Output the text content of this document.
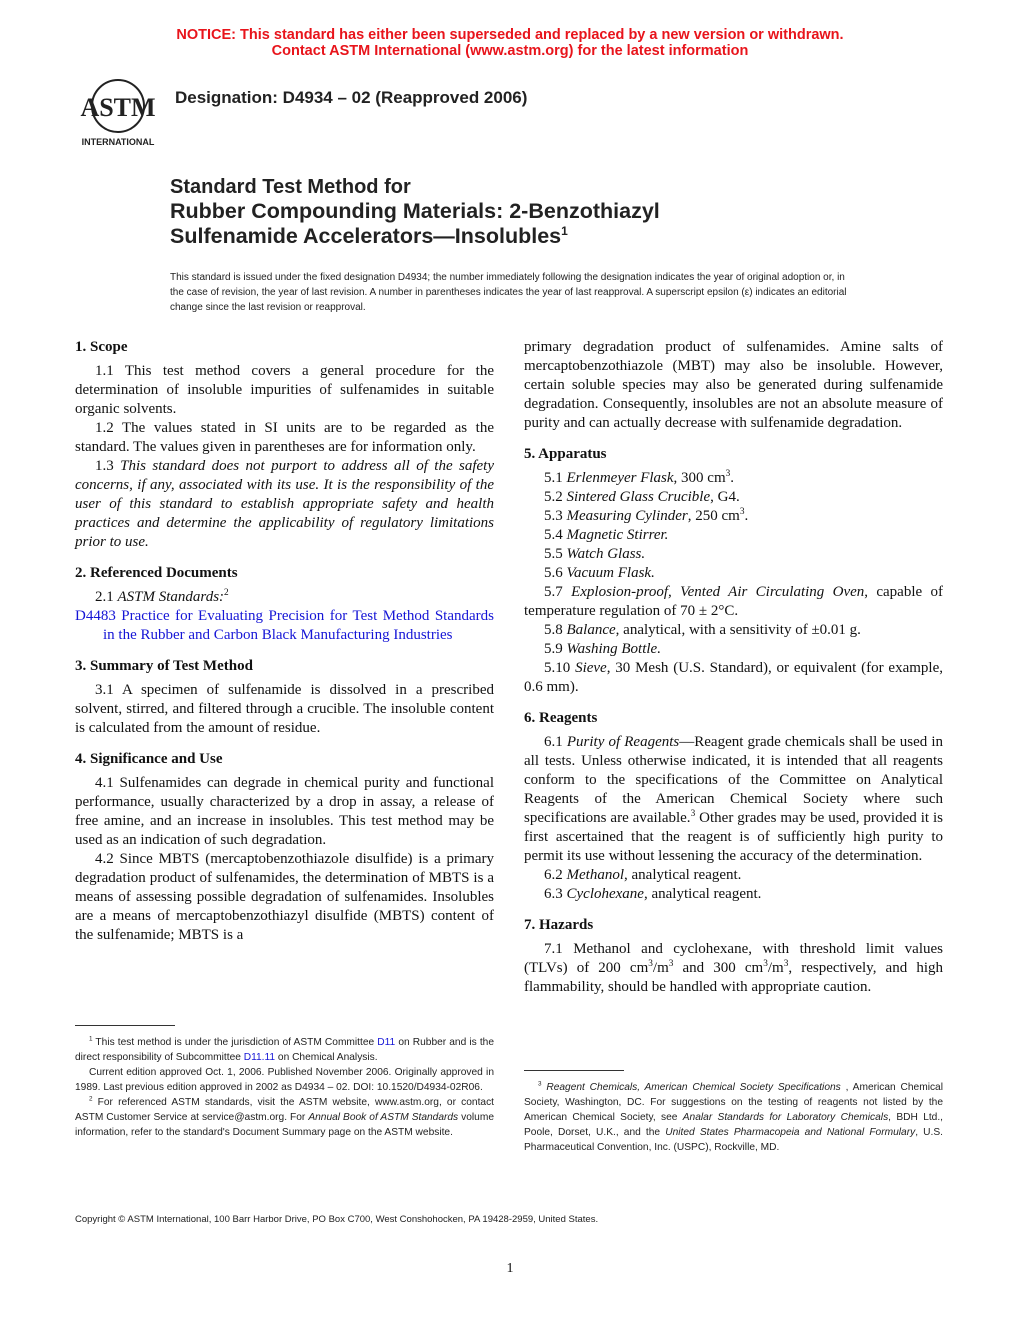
NOTICE: This standard has either been superseded and replaced by a new version or withdrawn.
Contact ASTM International (www.astm.org) for the latest information
ASTM
INTERNATIONAL
Designation: D4934 – 02 (Reapproved 2006)
Standard Test Method for
Rubber Compounding Materials: 2-Benzothiazyl
Sulfenamide Accelerators—Insolubles$^1$
This standard is issued under the fixed designation D4934; the number immediately following the designation indicates the year of original adoption or, in the case of revision, the year of last revision. A number in parentheses indicates the year of last reapproval. A superscript epsilon (ε) indicates an editorial change since the last revision or reapproval.
1. Scope

1.1 This test method covers a general procedure for the determination of insoluble impurities of sulfenamides in suitable organic solvents.

1.2 The values stated in SI units are to be regarded as the standard. The values given in parentheses are for information only.

1.3 This standard does not purport to address all of the safety concerns, if any, associated with its use. It is the responsibility of the user of this standard to establish appropriate safety and health practices and determine the applicability of regulatory limitations prior to use.

2. Referenced Documents

2.1 ASTM Standards:$^2$

D4483 Practice for Evaluating Precision for Test Method Standards in the Rubber and Carbon Black Manufacturing Industries

3. Summary of Test Method

3.1 A specimen of sulfenamide is dissolved in a prescribed solvent, stirred, and filtered through a crucible. The insoluble content is calculated from the amount of residue.

4. Significance and Use

4.1 Sulfenamides can degrade in chemical purity and functional performance, usually characterized by a drop in assay, a release of free amine, and an increase in insolubles. This test method may be used as an indication of such degradation.

4.2 Since MBTS (mercaptobenzothiazole disulfide) is a primary degradation product of sulfenamides, the determination of MBTS is a means of assessing possible degradation of sulfenamides. Insolubles are a means of mercaptobenzothiazyl disulfide (MBTS) content of the sulfenamide; MBTS is a

primary degradation product of sulfenamides. Amine salts of mercaptobenzothiazole (MBT) may also be insoluble. However, certain soluble species may also be generated during sulfenamide degradation. Consequently, insolubles are not an absolute measure of purity and can actually decrease with sulfenamide degradation.

5. Apparatus

5.1 Erlenmeyer Flask, 300 $cm^3$.

5.2 Sintered Glass Crucible, G4.

5.3 Measuring Cylinder, 250 $cm^3$.

5.4 Magnetic Stirrer.

5.5 Watch Glass.

5.6 Vacuum Flask.

5.7 Explosion-proof, Vented Air Circulating Oven, capable of temperature regulation of 70 ± 2°C.

5.8 Balance, analytical, with a sensitivity of ±0.01 g.

5.9 Washing Bottle.

5.10 Sieve, 30 Mesh (U.S. Standard), or equivalent (for example, 0.6 mm).

6. Reagents

6.1 Purity of Reagents—Reagent grade chemicals shall be used in all tests. Unless otherwise indicated, it is intended that all reagents conform to the specifications of the Committee on Analytical Reagents of the American Chemical Society where such specifications are available.$^3$ Other grades may be used, provided it is first ascertained that the reagent is of sufficiently high purity to permit its use without lessening the accuracy of the determination.

6.2 Methanol, analytical reagent.

6.3 Cyclohexane, analytical reagent.

7. Hazards

7.1 Methanol and cyclohexane, with threshold limit values (TLVs) of 200 $cm^3/m^3$ and 300 $cm^3/m^3$, respectively, and high flammability, should be handled with appropriate caution.

$^1$ This test method is under the jurisdiction of ASTM Committee D11 on Rubber and is the direct responsibility of Subcommittee D11.11 on Chemical Analysis.

Current edition approved Oct. 1, 2006. Published November 2006. Originally approved in 1989. Last previous edition approved in 2002 as D4934 – 02. DOI: 10.1520/D4934-02R06.

$^2$ For referenced ASTM standards, visit the ASTM website, www.astm.org, or contact ASTM Customer Service at service@astm.org. For Annual Book of ASTM Standards volume information, refer to the standard's Document Summary page on the ASTM website.

$^3$ Reagent Chemicals, American Chemical Society Specifications , American Chemical Society, Washington, DC. For suggestions on the testing of reagents not listed by the American Chemical Society, see Analar Standards for Laboratory Chemicals, BDH Ltd., Poole, Dorset, U.K., and the United States Pharmacopeia and National Formulary, U.S. Pharmaceutical Convention, Inc. (USPC), Rockville, MD.

Copyright © ASTM International, 100 Barr Harbor Drive, PO Box C700, West Conshohocken, PA 19428-2959, United States.
1
